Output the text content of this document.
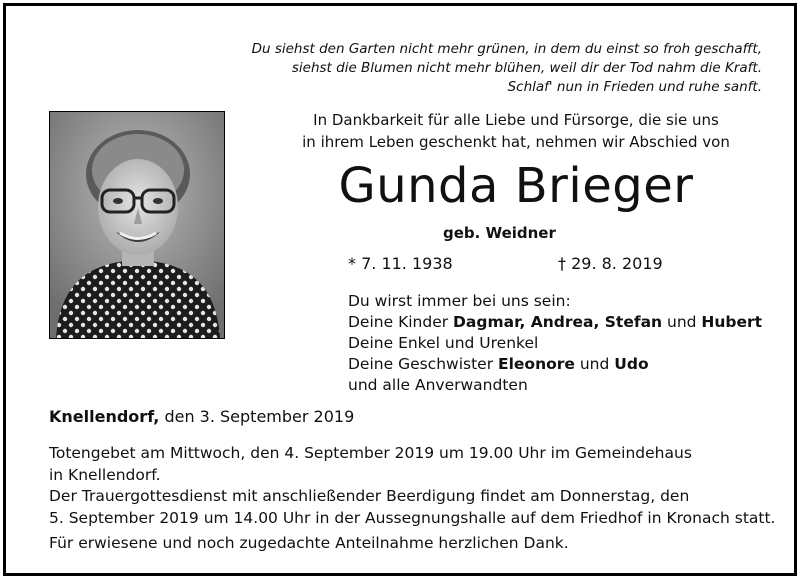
Du siehst den Garten nicht mehr grünen, in dem du einst so froh geschafft,
siehst die Blumen nicht mehr blühen, weil dir der Tod nahm die Kraft.
Schlaf' nun in Frieden und ruhe sanft.
In Dankbarkeit für alle Liebe und Fürsorge, die sie uns
in ihrem Leben geschenkt hat, nehmen wir Abschied von
Gunda Brieger
geb. Weidner
* 7. 11. 1938	† 29. 8. 2019
Du wirst immer bei uns sein:
Deine Kinder Dagmar, Andrea, Stefan und Hubert
Deine Enkel und Urenkel
Deine Geschwister Eleonore und Udo
und alle Anverwandten
Knellendorf, den 3. September 2019
Totengebet am Mittwoch, den 4. September 2019 um 19.00 Uhr im Gemeindehaus
in Knellendorf.
Der Trauergottesdienst mit anschließender Beerdigung findet am Donnerstag, den
5. September 2019 um 14.00 Uhr in der Aussegnungshalle auf dem Friedhof in Kronach statt.
Für erwiesene und noch zugedachte Anteilnahme herzlichen Dank.
